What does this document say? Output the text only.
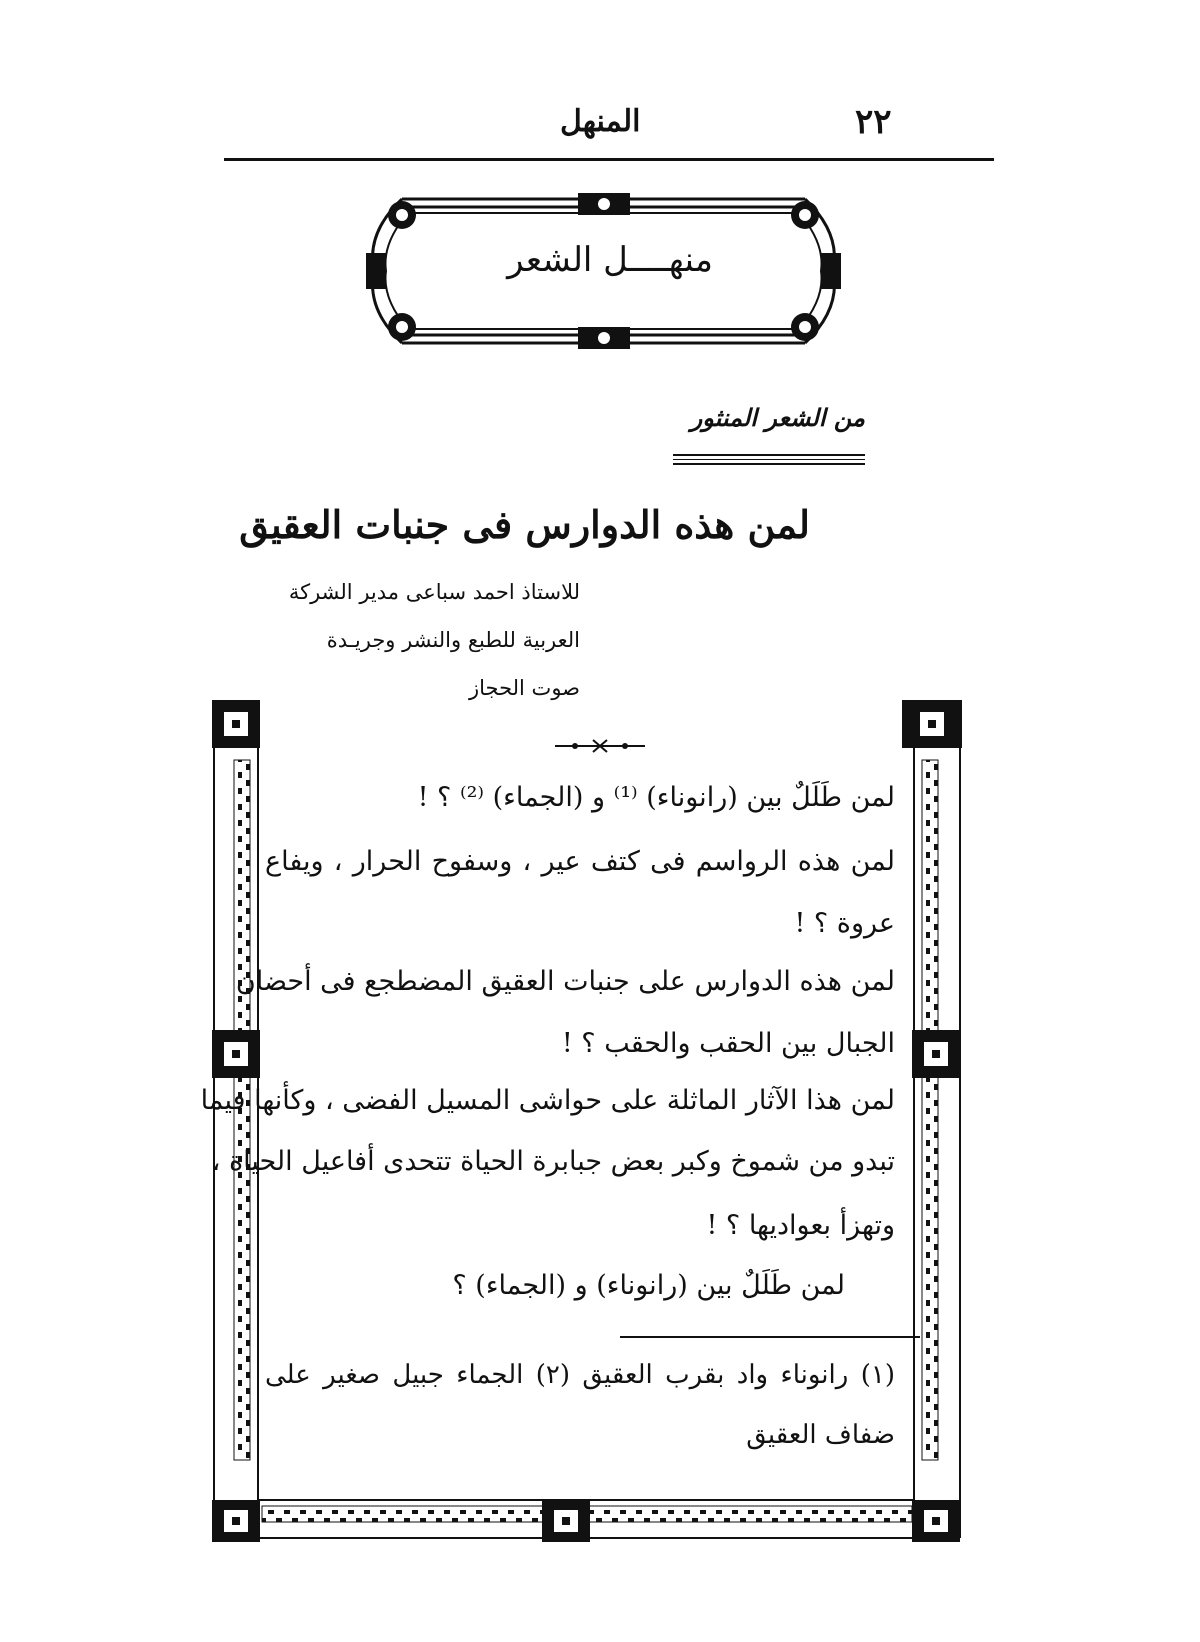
٢٢
المنهل
منهــــل الشعر
من الشعر المنثور
لمن هذه الدوارس فى جنبات العقيق
للاستاذ احمد سباعى مدير الشركة
العربية للطبع والنشر وجريـدة
صوت الحجاز
لمن طَلَلٌ بين (رانوناء) ⁽¹⁾ و (الجماء) ⁽²⁾ ؟ !
لمن هذه الرواسم فى كتف عير ، وسفوح الحرار ، ويفاع
عروة ؟ !
لمن هذه الدوارس على جنبات العقيق المضطجع فى أحضان
الجبال بين الحقب والحقب ؟ !
لمن هذا الآثار الماثلة على حواشى المسيل الفضى ، وكأنها فيما
تبدو من شموخ وكبر بعض جبابرة الحياة تتحدى أفاعيل الحياة ،
وتهزأ بعواديها ؟ !
لمن طَلَلٌ بين (رانوناء) و (الجماء) ؟
(١) رانوناء واد بقرب العقيق (٢) الجماء جبيل صغير على
ضفاف العقيق
